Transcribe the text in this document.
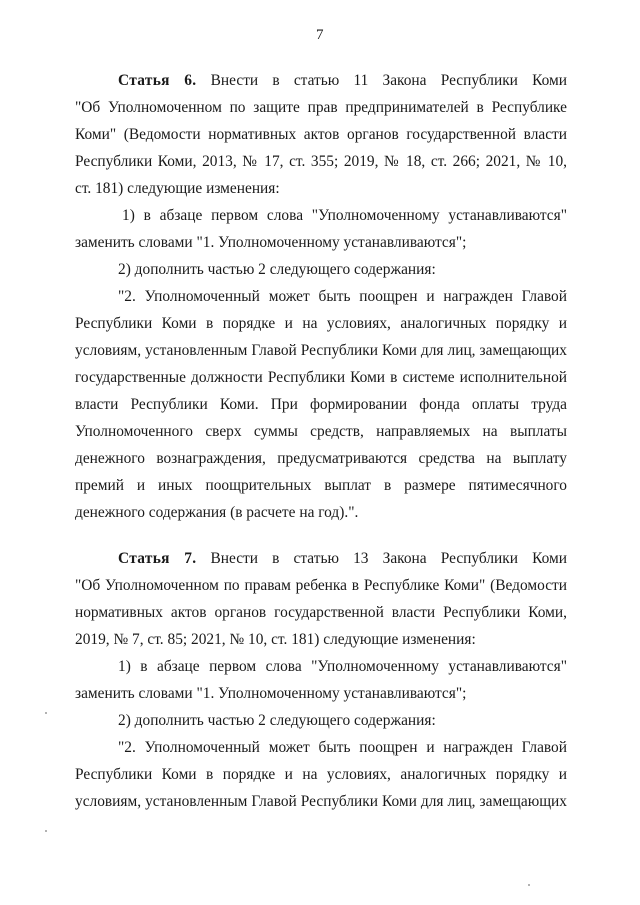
7
Статья 6. Внести в статью 11 Закона Республики Коми
"Об Уполномоченном по защите прав предпринимателей в Республике
Коми" (Ведомости нормативных актов органов государственной власти
Республики Коми, 2013, № 17, ст. 355; 2019, № 18, ст. 266; 2021, № 10,
ст. 181) следующие изменения:
1) в абзаце первом слова "Уполномоченному устанавливаются"
заменить словами "1. Уполномоченному устанавливаются";
2) дополнить частью 2 следующего содержания:
"2. Уполномоченный может быть поощрен и награжден Главой
Республики Коми в порядке и на условиях, аналогичных порядку и
условиям, установленным Главой Республики Коми для лиц, замещающих
государственные должности Республики Коми в системе исполнительной
власти Республики Коми. При формировании фонда оплаты труда
Уполномоченного сверх суммы средств, направляемых на выплаты
денежного вознаграждения, предусматриваются средства на выплату
премий и иных поощрительных выплат в размере пятимесячного
денежного содержания (в расчете на год).".
Статья 7. Внести в статью 13 Закона Республики Коми
"Об Уполномоченном по правам ребенка в Республике Коми" (Ведомости
нормативных актов органов государственной власти Республики Коми,
2019, № 7, ст. 85; 2021, № 10, ст. 181) следующие изменения:
1) в абзаце первом слова "Уполномоченному устанавливаются"
заменить словами "1. Уполномоченному устанавливаются";
2) дополнить частью 2 следующего содержания:
"2. Уполномоченный может быть поощрен и награжден Главой
Республики Коми в порядке и на условиях, аналогичных порядку и
условиям, установленным Главой Республики Коми для лиц, замещающих
